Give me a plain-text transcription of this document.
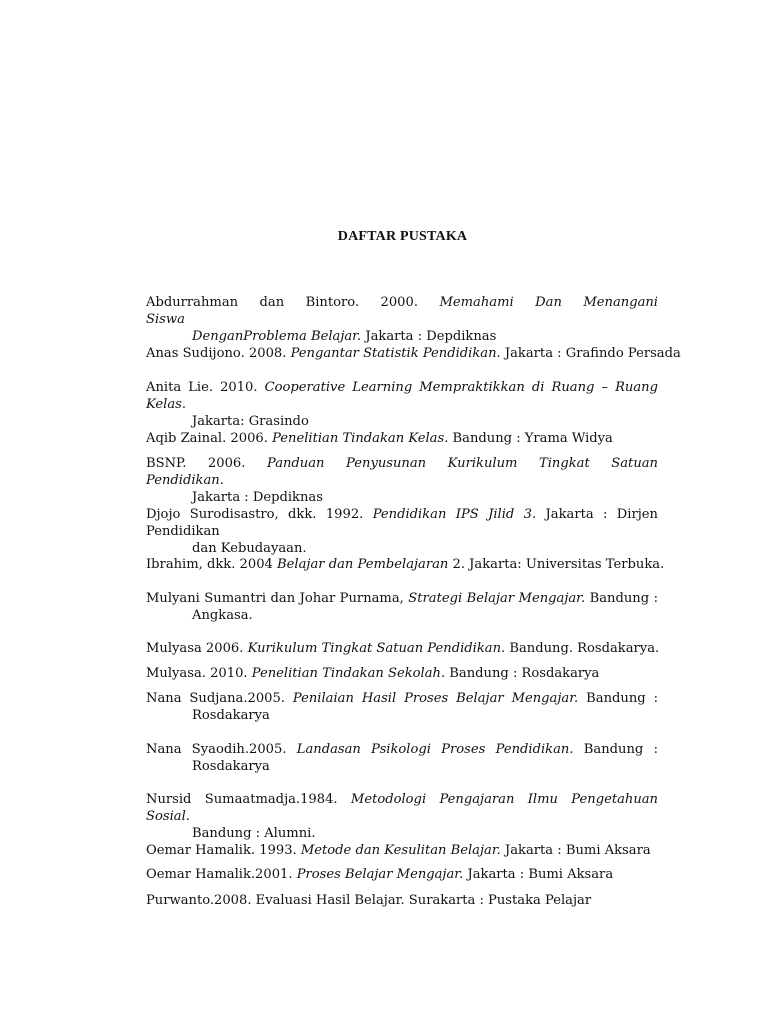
DAFTAR PUSTAKA
Abdurrahman dan Bintoro. 2000. Memahami Dan Menangani Siswa
DenganProblema Belajar. Jakarta : Depdiknas
Anas Sudijono. 2008. Pengantar Statistik Pendidikan. Jakarta : Grafindo Persada
Anita Lie. 2010. Cooperative Learning Mempraktikkan di Ruang – Ruang Kelas.
Jakarta: Grasindo
Aqib Zainal. 2006. Penelitian Tindakan Kelas. Bandung : Yrama Widya
BSNP. 2006. Panduan Penyusunan Kurikulum Tingkat Satuan Pendidikan.
Jakarta : Depdiknas
Djojo Surodisastro, dkk. 1992. Pendidikan IPS Jilid 3. Jakarta : Dirjen Pendidikan
dan Kebudayaan.
Ibrahim, dkk. 2004 Belajar dan Pembelajaran 2. Jakarta: Universitas Terbuka.
Mulyani Sumantri dan Johar Purnama, Strategi Belajar Mengajar. Bandung :
Angkasa.
Mulyasa 2006. Kurikulum Tingkat Satuan Pendidikan. Bandung. Rosdakarya.
Mulyasa. 2010. Penelitian Tindakan Sekolah. Bandung : Rosdakarya
Nana Sudjana.2005. Penilaian Hasil Proses Belajar Mengajar. Bandung :
Rosdakarya
Nana Syaodih.2005. Landasan Psikologi Proses Pendidikan. Bandung :
Rosdakarya
Nursid Sumaatmadja.1984. Metodologi Pengajaran Ilmu Pengetahuan Sosial.
Bandung : Alumni.
Oemar Hamalik. 1993. Metode dan Kesulitan Belajar. Jakarta : Bumi Aksara
Oemar Hamalik.2001. Proses Belajar Mengajar. Jakarta : Bumi Aksara
Purwanto.2008. Evaluasi Hasil Belajar. Surakarta : Pustaka Pelajar
